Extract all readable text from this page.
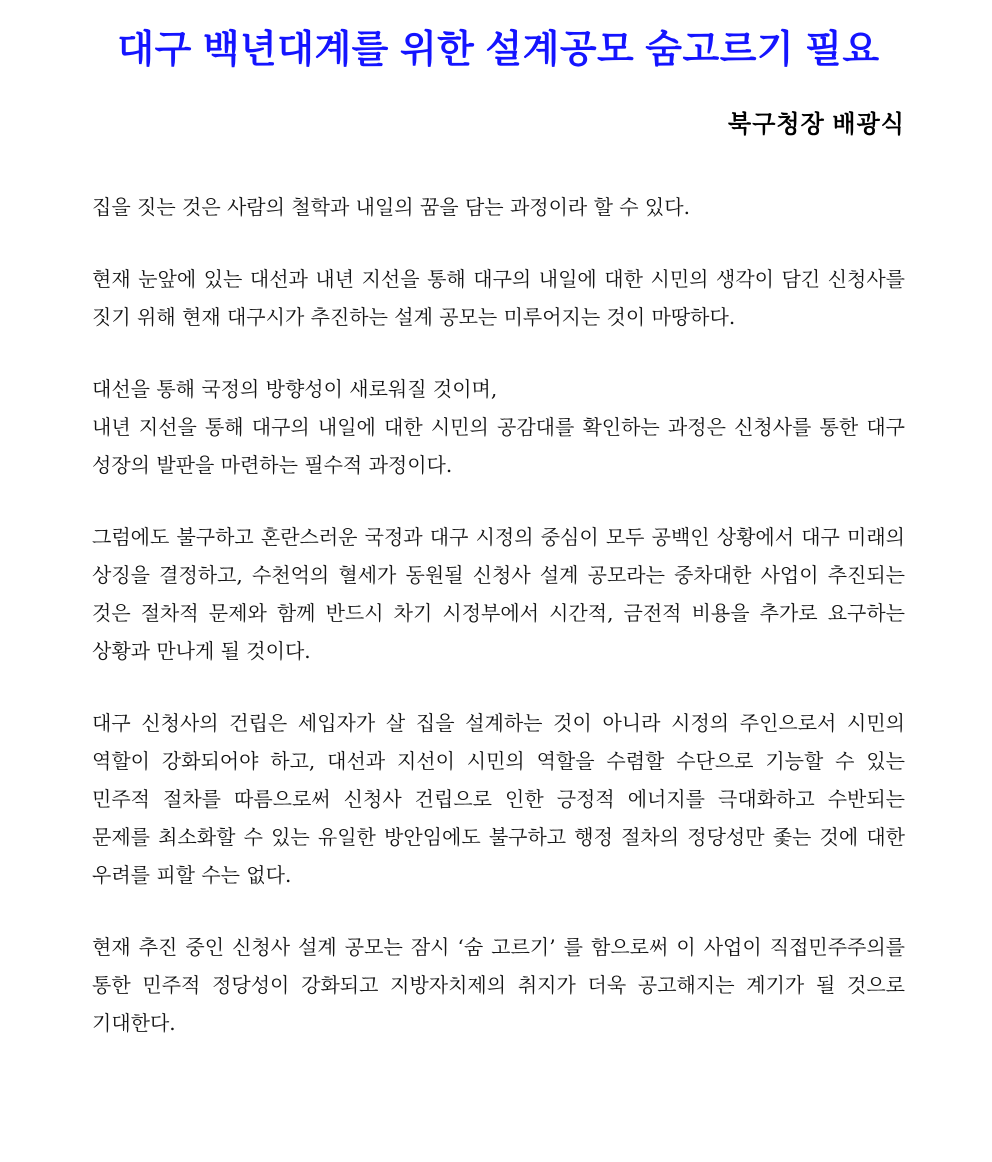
대구 백년대계를 위한 설계공모 숨고르기 필요
북구청장 배광식

집을 짓는 것은 사람의 철학과 내일의 꿈을 담는 과정이라 할 수 있다.

현재 눈앞에 있는 대선과 내년 지선을 통해 대구의 내일에 대한 시민의 생각이 담긴 신청사를 짓기 위해 현재 대구시가 추진하는 설계 공모는 미루어지는 것이 마땅하다.

대선을 통해 국정의 방향성이 새로워질 것이며,
내년 지선을 통해 대구의 내일에 대한 시민의 공감대를 확인하는 과정은 신청사를 통한 대구 성장의 발판을 마련하는 필수적 과정이다.

그럼에도 불구하고 혼란스러운 국정과 대구 시정의 중심이 모두 공백인 상황에서 대구 미래의 상징을 결정하고, 수천억의 혈세가 동원될 신청사 설계 공모라는 중차대한 사업이 추진되는 것은 절차적 문제와 함께 반드시 차기 시정부에서 시간적, 금전적 비용을 추가로 요구하는 상황과 만나게 될 것이다.

대구 신청사의 건립은 세입자가 살 집을 설계하는 것이 아니라 시정의 주인으로서 시민의 역할이 강화되어야 하고, 대선과 지선이 시민의 역할을 수렴할 수단으로 기능할 수 있는 민주적 절차를 따름으로써 신청사 건립으로 인한 긍정적 에너지를 극대화하고 수반되는 문제를 최소화할 수 있는 유일한 방안임에도 불구하고 행정 절차의 정당성만 좇는 것에 대한 우려를 피할 수는 없다.

현재 추진 중인 신청사 설계 공모는 잠시 ‘숨 고르기’ 를 함으로써 이 사업이 직접민주주의를 통한 민주적 정당성이 강화되고 지방자치제의 취지가 더욱 공고해지는 계기가 될 것으로 기대한다.
